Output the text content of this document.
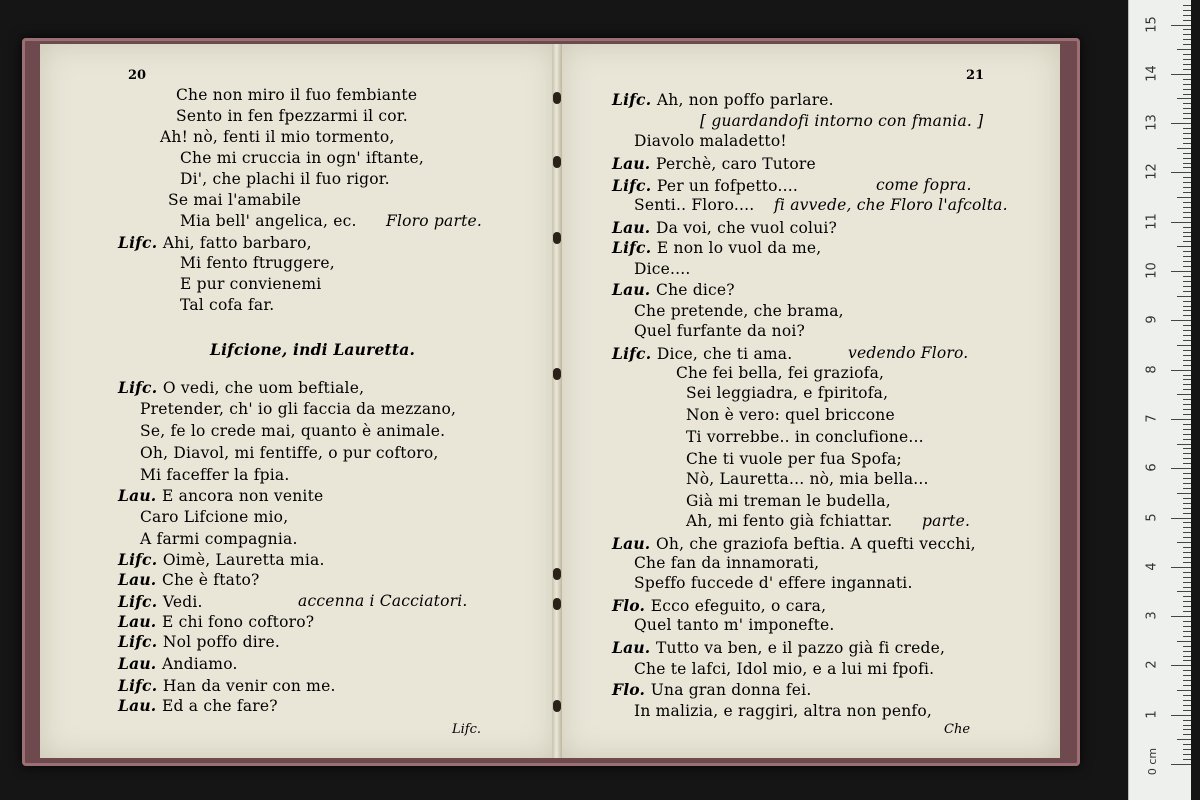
20
Che non miro il fuo fembiante
Sento in fen fpezzarmi il cor.
Ah! nò, fenti il mio tormento,
Che mi cruccia in ogn' iftante,
Di', che plachi il fuo rigor.
Se mai l'amabile
Mia bell' angelica, ec. Floro parte.
Lifc. Ahi, fatto barbaro,
Mi fento ftruggere,
E pur convienemi
Tal cofa far.
Lifcione, indi Lauretta.
Lifc. O vedi, che uom beftiale,
Pretender, ch' io gli faccia da mezzano,
Se, fe lo crede mai, quanto è animale.
Oh, Diavol, mi fentiffe, o pur coftoro,
Mi faceffer la fpia.
Lau. E ancora non venite
Caro Lifcione mio,
A farmi compagnia.
Lifc. Oimè, Lauretta mia.
Lau. Che è ftato?
Lifc. Vedi.	accenna i Cacciatori.
Lau. E chi fono coftoro?
Lifc. Nol poffo dire.
Lau. Andiamo.
Lifc. Han da venir con me.
Lau. Ed a che fare?
Lifc.
21
Lifc. Ah, non poffo parlare.
[ guardandofi intorno con fmania. ]
Diavolo maladetto!
Lau. Perchè, caro Tutore
Lifc. Per un fofpetto....	come fopra.
Senti.. Floro.... fi avvede, che Floro l'afcolta.
Lau. Da voi, che vuol colui?
Lifc. E non lo vuol da me,
Dice....
Lau. Che dice?
Che pretende, che brama,
Quel furfante da noi?
Lifc. Dice, che ti ama.	vedendo Floro.
Che fei bella, fei graziofa,
Sei leggiadra, e fpiritofa,
Non è vero: quel briccone
Ti vorrebbe.. in conclufione...
Che ti vuole per fua Spofa;
Nò, Lauretta... nò, mia bella...
Già mi treman le budella,
Ah, mi fento già fchiattar. parte.
Lau. Oh, che graziofa beftia. A quefti vecchi,
Che fan da innamorati,
Speffo fuccede d' effere ingannati.
Flo. Ecco efeguito, o cara,
Quel tanto m' imponefte.
Lau. Tutto va ben, e il pazzo già fi crede,
Che te lafci, Idol mio, e a lui mi fpofi.
Flo. Una gran donna fei.
In malizia, e raggiri, altra non penfo,
Che
1
2
3
4
5
6
7
8
9
10
11
12
13
14
15
0 cm
